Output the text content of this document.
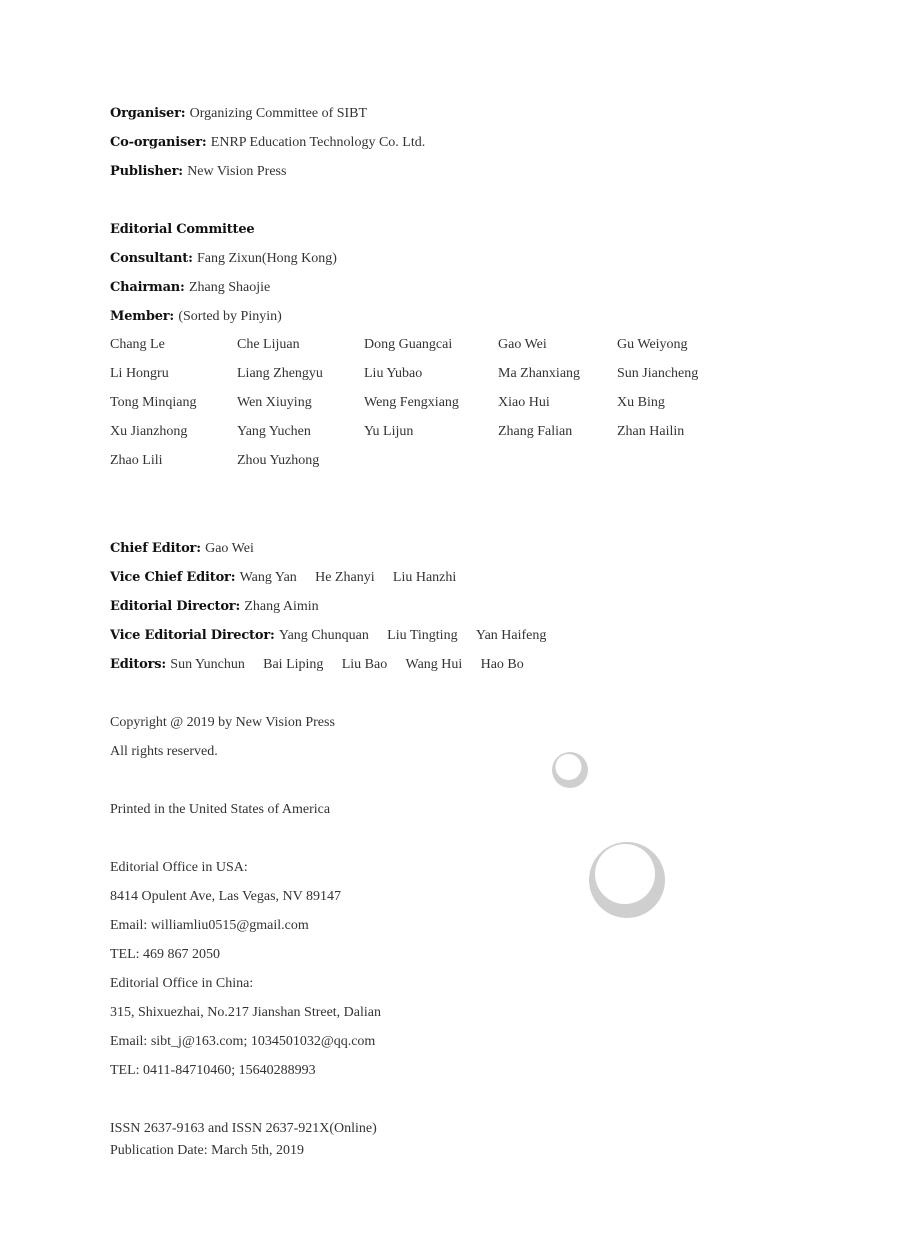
Organiser: Organizing Committee of SIBT
Co-organiser: ENRP Education Technology Co. Ltd.
Publisher: New Vision Press
Editorial Committee
Consultant: Fang Zixun(Hong Kong)
Chairman: Zhang Shaojie
Member: (Sorted by Pinyin)
Chang Le	Che Lijuan	Dong Guangcai	Gao Wei	Gu Weiyong
Li Hongru	Liang Zhengyu	Liu Yubao	Ma Zhanxiang	Sun Jiancheng
Tong Minqiang	Wen Xiuying	Weng Fengxiang	Xiao Hui	Xu Bing
Xu Jianzhong	Yang Yuchen	Yu Lijun	Zhang Falian	Zhan Hailin
Zhao Lili	Zhou Yuzhong
Chief Editor: Gao Wei
Vice Chief Editor: Wang Yan He Zhanyi Liu Hanzhi
Editorial Director: Zhang Aimin
Vice Editorial Director: Yang Chunquan Liu Tingting Yan Haifeng
Editors: Sun Yunchun Bai Liping Liu Bao Wang Hui Hao Bo
Copyright @ 2019 by New Vision Press
All rights reserved.
Printed in the United States of America
Editorial Office in USA:
8414 Opulent Ave, Las Vegas, NV 89147
Email: williamliu0515@gmail.com
TEL: 469 867 2050
Editorial Office in China:
315, Shixuezhai, No.217 Jianshan Street, Dalian
Email: sibt_j@163.com; 1034501032@qq.com
TEL: 0411-84710460; 15640288993
ISSN 2637-9163 and ISSN 2637-921X(Online)
Publication Date: March 5th, 2019
